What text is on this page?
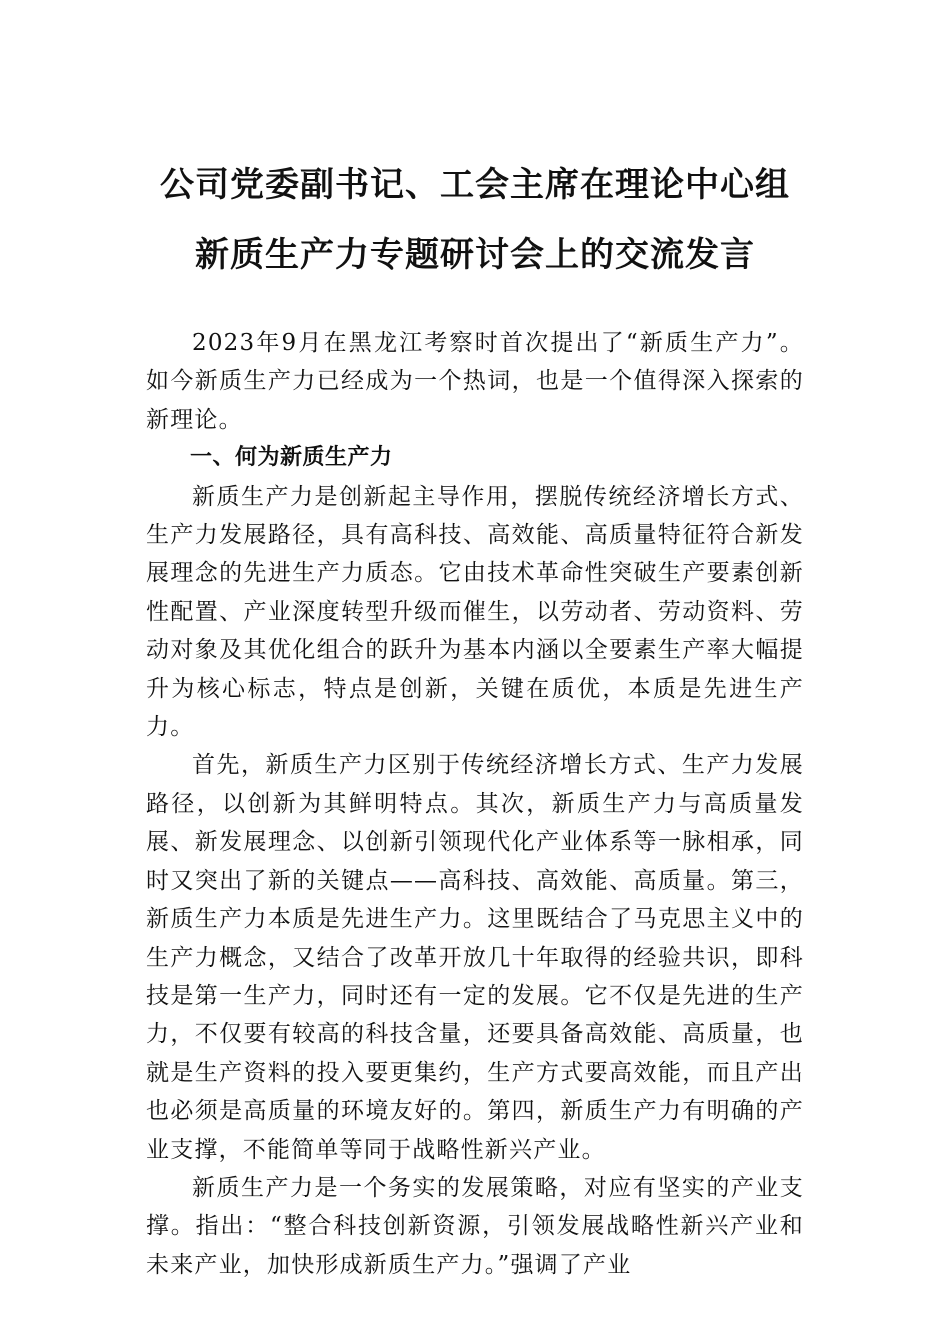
公司党委副书记、工会主席在理论中心组
新质生产力专题研讨会上的交流发言

2023年9月在黑龙江考察时首次提出了“新质生产力”。如今新质生产力已经成为一个热词，也是一个值得深入探索的新理论。

一、何为新质生产力

新质生产力是创新起主导作用，摆脱传统经济增长方式、生产力发展路径，具有高科技、高效能、高质量特征符合新发展理念的先进生产力质态。它由技术革命性突破生产要素创新性配置、产业深度转型升级而催生，以劳动者、劳动资料、劳动对象及其优化组合的跃升为基本内涵以全要素生产率大幅提升为核心标志，特点是创新，关键在质优，本质是先进生产力。

首先，新质生产力区别于传统经济增长方式、生产力发展路径，以创新为其鲜明特点。其次，新质生产力与高质量发展、新发展理念、以创新引领现代化产业体系等一脉相承，同时又突出了新的关键点——高科技、高效能、高质量。第三，新质生产力本质是先进生产力。这里既结合了马克思主义中的生产力概念，又结合了改革开放几十年取得的经验共识，即科技是第一生产力，同时还有一定的发展。它不仅是先进的生产力，不仅要有较高的科技含量，还要具备高效能、高质量，也就是生产资料的投入要更集约，生产方式要高效能，而且产出也必须是高质量的环境友好的。第四，新质生产力有明确的产业支撑，不能简单等同于战略性新兴产业。

新质生产力是一个务实的发展策略，对应有坚实的产业支撑。指出：“整合科技创新资源，引领发展战略性新兴产业和未来产业，加快形成新质生产力。”强调了产业
